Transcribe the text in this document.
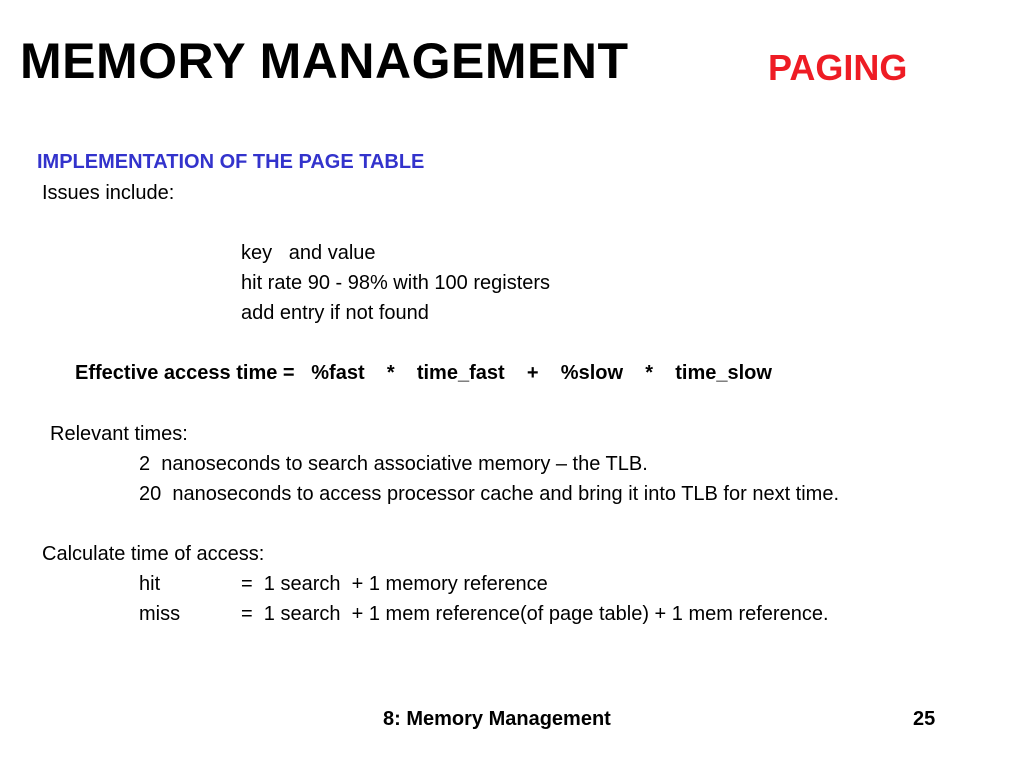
MEMORY MANAGEMENT	PAGING
IMPLEMENTATION OF THE PAGE TABLE
Issues include:
key   and value
hit rate 90 - 98% with 100 registers
add entry if not found
Effective access time =   %fast    *    time_fast    +    %slow    *    time_slow
Relevant times:
2  nanoseconds to search associative memory – the TLB.
20  nanoseconds to access processor cache and bring it into TLB for next time.
Calculate time of access:
hit	=  1 search  + 1 memory reference
miss	=  1 search  + 1 mem reference(of page table) + 1 mem reference.
8: Memory Management	25
